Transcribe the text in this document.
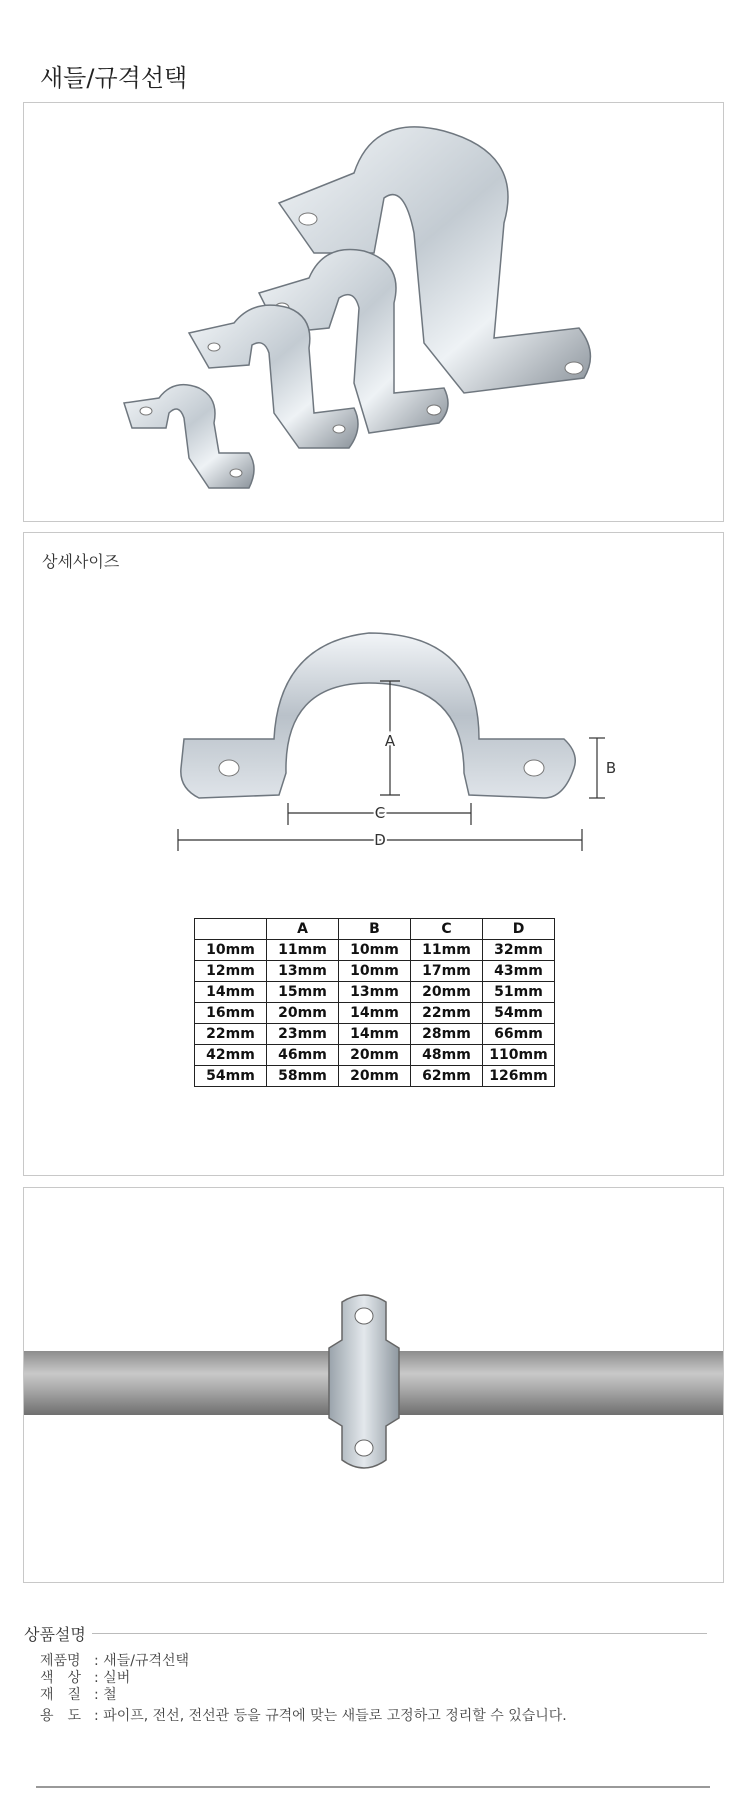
새들/규격선택
상세사이즈
A
B
C
D
	A	B	C	D
10mm	11mm	10mm	11mm	32mm
12mm	13mm	10mm	17mm	43mm
14mm	15mm	13mm	20mm	51mm
16mm	20mm	14mm	22mm	54mm
22mm	23mm	14mm	28mm	66mm
42mm	46mm	20mm	48mm	110mm
54mm	58mm	20mm	62mm	126mm
상품설명
제품명 : 새들/규격선택
색　상 : 실버
재　질 : 철
용　도 : 파이프, 전선, 전선관 등을 규격에 맞는 새들로 고정하고 정리할 수 있습니다.
